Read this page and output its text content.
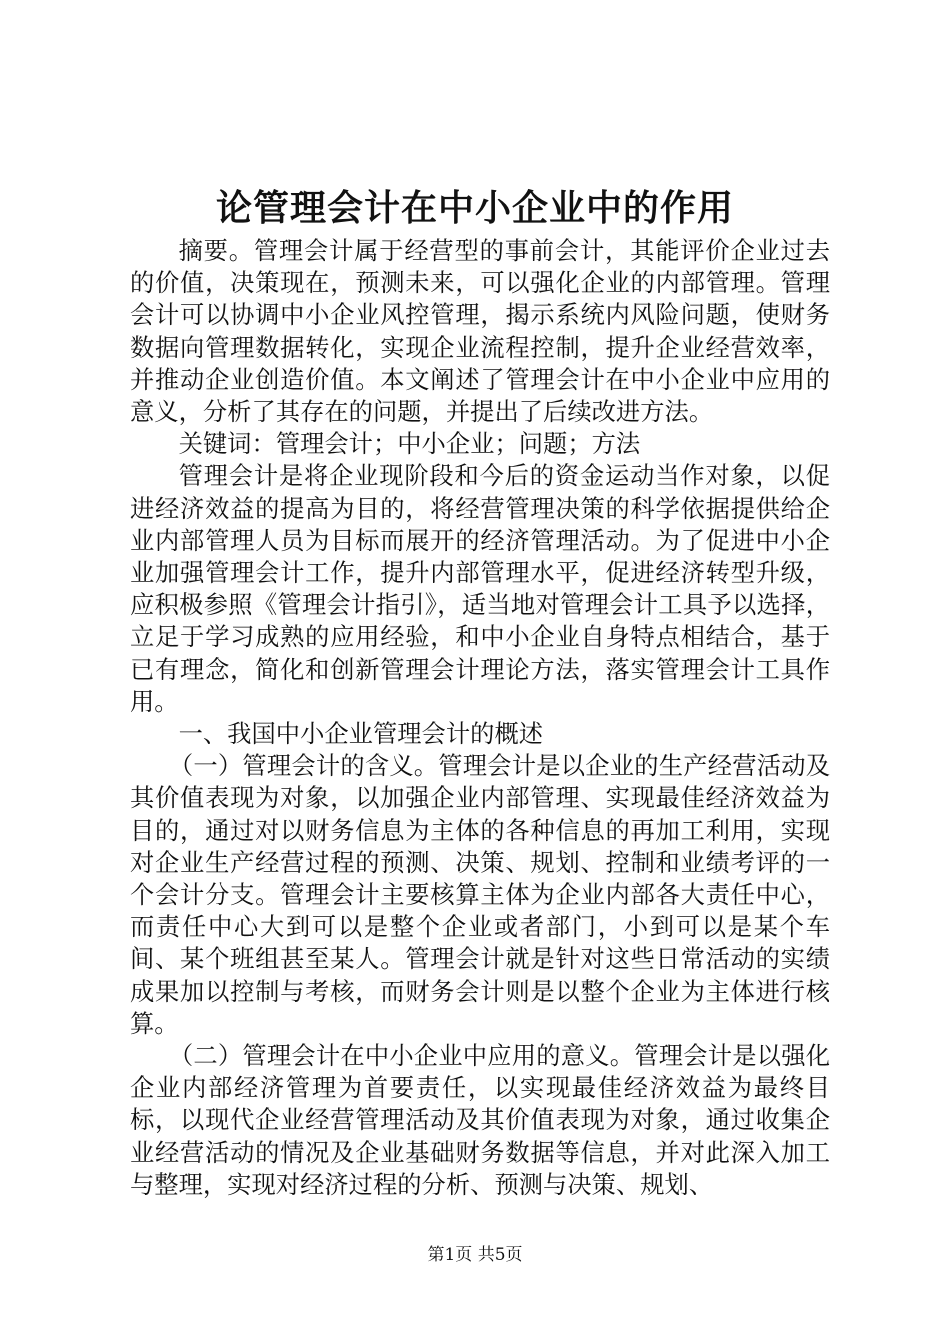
论管理会计在中小企业中的作用

摘要。管理会计属于经营型的事前会计，其能评价企业过去的价值，决策现在，预测未来，可以强化企业的内部管理。管理会计可以协调中小企业风控管理，揭示系统内风险问题，使财务数据向管理数据转化，实现企业流程控制，提升企业经营效率，并推动企业创造价值。本文阐述了管理会计在中小企业中应用的意义，分析了其存在的问题，并提出了后续改进方法。

关键词：管理会计；中小企业；问题；方法

管理会计是将企业现阶段和今后的资金运动当作对象，以促进经济效益的提高为目的，将经营管理决策的科学依据提供给企业内部管理人员为目标而展开的经济管理活动。为了促进中小企业加强管理会计工作，提升内部管理水平，促进经济转型升级，应积极参照《管理会计指引》，适当地对管理会计工具予以选择，立足于学习成熟的应用经验，和中小企业自身特点相结合，基于已有理念，简化和创新管理会计理论方法，落实管理会计工具作用。

一、我国中小企业管理会计的概述

（一）管理会计的含义。管理会计是以企业的生产经营活动及其价值表现为对象，以加强企业内部管理、实现最佳经济效益为目的，通过对以财务信息为主体的各种信息的再加工利用，实现对企业生产经营过程的预测、决策、规划、控制和业绩考评的一个会计分支。管理会计主要核算主体为企业内部各大责任中心，而责任中心大到可以是整个企业或者部门，小到可以是某个车间、某个班组甚至某人。管理会计就是针对这些日常活动的实绩成果加以控制与考核，而财务会计则是以整个企业为主体进行核算。

（二）管理会计在中小企业中应用的意义。管理会计是以强化企业内部经济管理为首要责任，以实现最佳经济效益为最终目标，以现代企业经营管理活动及其价值表现为对象，通过收集企业经营活动的情况及企业基础财务数据等信息，并对此深入加工与整理，实现对经济过程的分析、预测与决策、规划、

第1页 共5页
